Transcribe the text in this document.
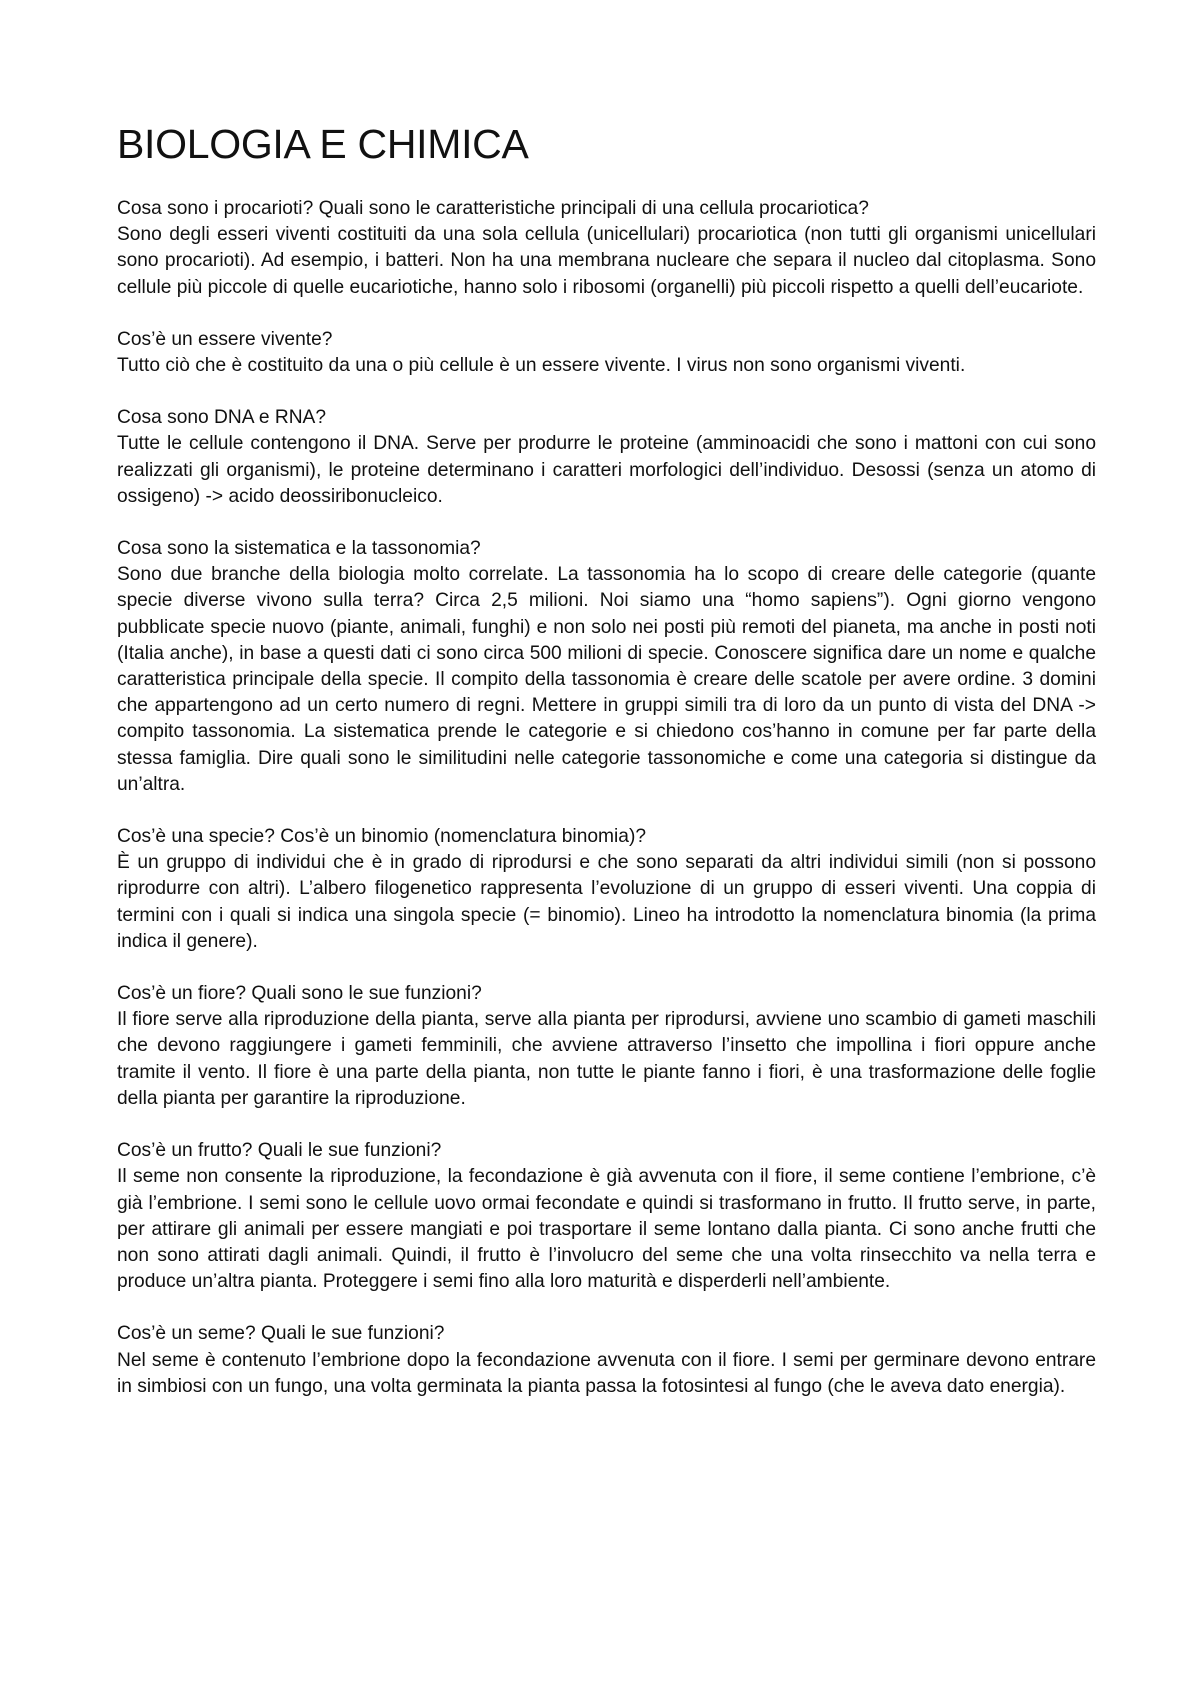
BIOLOGIA E CHIMICA

Cosa sono i procarioti? Quali sono le caratteristiche principali di una cellula procariotica?

Sono degli esseri viventi costituiti da una sola cellula (unicellulari) procariotica (non tutti gli organismi unicellulari sono procarioti). Ad esempio, i batteri. Non ha una membrana nucleare che separa il nucleo dal citoplasma. Sono cellule più piccole di quelle eucariotiche, hanno solo i ribosomi (organelli) più piccoli rispetto a quelli dell’eucariote.

Cos’è un essere vivente?

Tutto ciò che è costituito da una o più cellule è un essere vivente. I virus non sono organismi viventi.

Cosa sono DNA e RNA?

Tutte le cellule contengono il DNA. Serve per produrre le proteine (amminoacidi che sono i mattoni con cui sono realizzati gli organismi), le proteine determinano i caratteri morfologici dell’individuo. Desossi (senza un atomo di ossigeno) -> acido deossiribonucleico.

Cosa sono la sistematica e la tassonomia?

Sono due branche della biologia molto correlate. La tassonomia ha lo scopo di creare delle categorie (quante specie diverse vivono sulla terra? Circa 2,5 milioni. Noi siamo una “homo sapiens”). Ogni giorno vengono pubblicate specie nuovo (piante, animali, funghi) e non solo nei posti più remoti del pianeta, ma anche in posti noti (Italia anche), in base a questi dati ci sono circa 500 milioni di specie. Conoscere significa dare un nome e qualche caratteristica principale della specie. Il compito della tassonomia è creare delle scatole per avere ordine. 3 domini che appartengono ad un certo numero di regni. Mettere in gruppi simili tra di loro da un punto di vista del DNA -> compito tassonomia. La sistematica prende le categorie e si chiedono cos’hanno in comune per far parte della stessa famiglia. Dire quali sono le similitudini nelle categorie tassonomiche e come una categoria si distingue da un’altra.

Cos’è una specie? Cos’è un binomio (nomenclatura binomia)?

È un gruppo di individui che è in grado di riprodursi e che sono separati da altri individui simili (non si possono riprodurre con altri). L’albero filogenetico rappresenta l’evoluzione di un gruppo di esseri viventi. Una coppia di termini con i quali si indica una singola specie (= binomio). Lineo ha introdotto la nomenclatura binomia (la prima indica il genere).

Cos’è un fiore? Quali sono le sue funzioni?

Il fiore serve alla riproduzione della pianta, serve alla pianta per riprodursi, avviene uno scambio di gameti maschili che devono raggiungere i gameti femminili, che avviene attraverso l’insetto che impollina i fiori oppure anche tramite il vento. Il fiore è una parte della pianta, non tutte le piante fanno i fiori, è una trasformazione delle foglie della pianta per garantire la riproduzione.

Cos’è un frutto? Quali le sue funzioni?

Il seme non consente la riproduzione, la fecondazione è già avvenuta con il fiore, il seme contiene l’embrione, c’è già l’embrione. I semi sono le cellule uovo ormai fecondate e quindi si trasformano in frutto. Il frutto serve, in parte, per attirare gli animali per essere mangiati e poi trasportare il seme lontano dalla pianta. Ci sono anche frutti che non sono attirati dagli animali. Quindi, il frutto è l’involucro del seme che una volta rinsecchito va nella terra e produce un’altra pianta. Proteggere i semi fino alla loro maturità e disperderli nell’ambiente.

Cos’è un seme? Quali le sue funzioni?

Nel seme è contenuto l’embrione dopo la fecondazione avvenuta con il fiore. I semi per germinare devono entrare in simbiosi con un fungo, una volta germinata la pianta passa la fotosintesi al fungo (che le aveva dato energia).
